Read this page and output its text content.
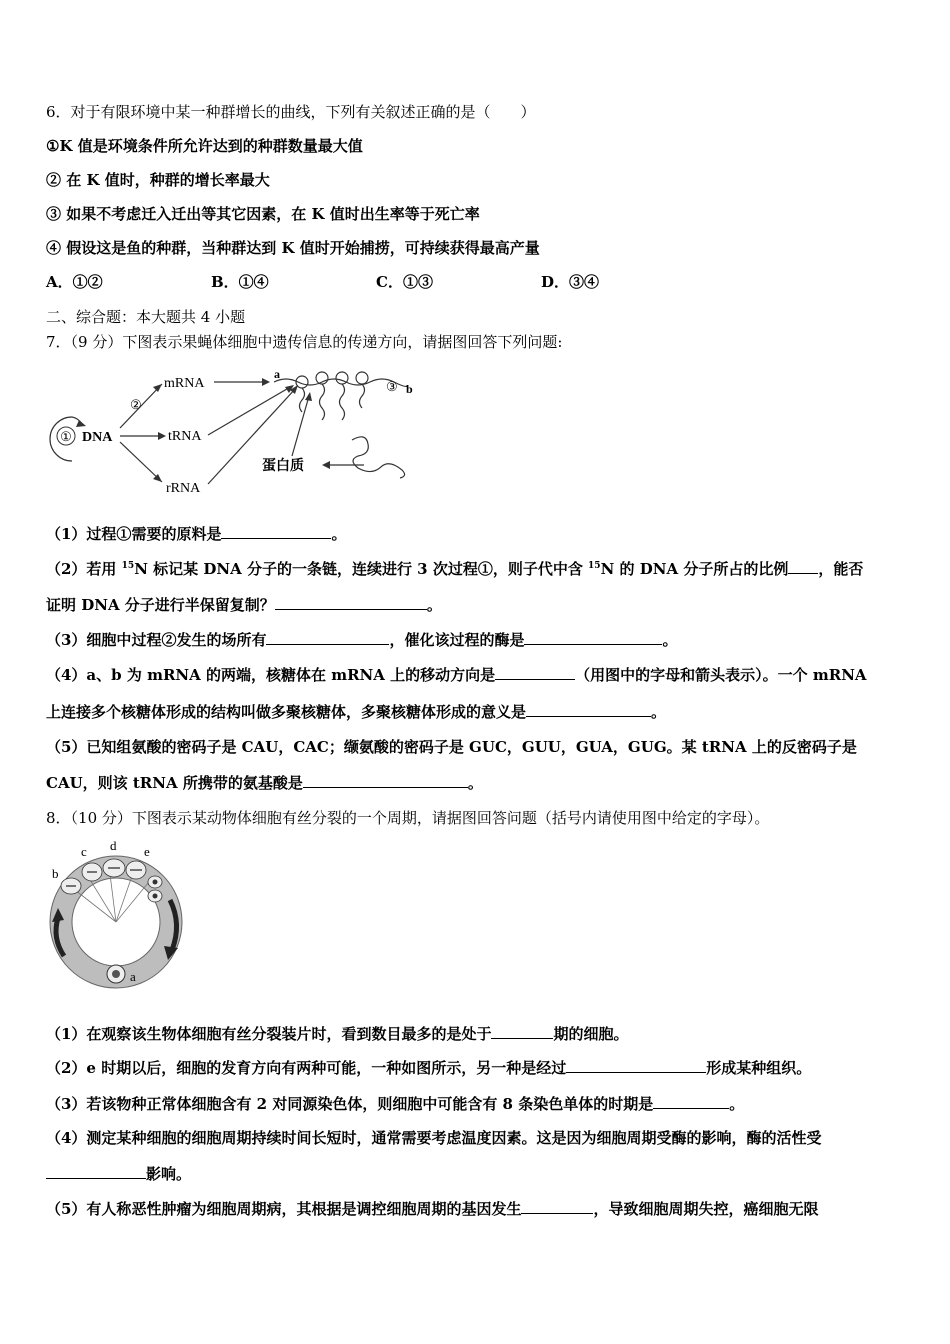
6．对于有限环境中某一种群增长的曲线，下列有关叙述正确的是（　　）
①K 值是环境条件所允许达到的种群数量最大值
② 在 K 值时，种群的增长率最大
③ 如果不考虑迁入迁出等其它因素，在 K 值时出生率等于死亡率
④ 假设这是鱼的种群，当种群达到 K 值时开始捕捞，可持续获得最高产量
A．①②	B．①④	C．①③	D．③④
二、综合题：本大题共 4 小题
7．（9 分）下图表示果蝇体细胞中遗传信息的传递方向，请据图回答下列问题:
① DNA
②
mRNA
tRNA
rRNA
a
③ b
蛋白质
（1）过程①需要的原料是	。
（2）若用 $^{15}$N 标记某 DNA 分子的一条链，连续进行 3 次过程①，则子代中含 $^{15}$N 的 DNA 分子所占的比例 ，能否
证明 DNA 分子进行半保留复制？	。
（3）细胞中过程②发生的场所有	，催化该过程的酶是	。
（4）a、b 为 mRNA 的两端，核糖体在 mRNA 上的移动方向是	（用图中的字母和箭头表示）。一个 mRNA
上连接多个核糖体形成的结构叫做多聚核糖体，多聚核糖体形成的意义是	。
（5）已知组氨酸的密码子是 CAU，CAC；缬氨酸的密码子是 GUC，GUU，GUA，GUG。某 tRNA 上的反密码子是
CAU，则该 tRNA 所携带的氨基酸是	。
8．（10 分）下图表示某动物体细胞有丝分裂的一个周期，请据图回答问题（括号内请使用图中给定的字母）。
b
c d e
a
（1）在观察该生物体细胞有丝分裂装片时，看到数目最多的是处于	期的细胞。
（2）e 时期以后，细胞的发育方向有两种可能，一种如图所示，另一种是经过	形成某种组织。
（3）若该物种正常体细胞含有 2 对同源染色体，则细胞中可能含有 8 条染色单体的时期是	。
（4）测定某种细胞的细胞周期持续时间长短时，通常需要考虑温度因素。这是因为细胞周期受酶的影响，酶的活性受
影响。
（5）有人称恶性肿瘤为细胞周期病，其根据是调控细胞周期的基因发生	，导致细胞周期失控，癌细胞无限
